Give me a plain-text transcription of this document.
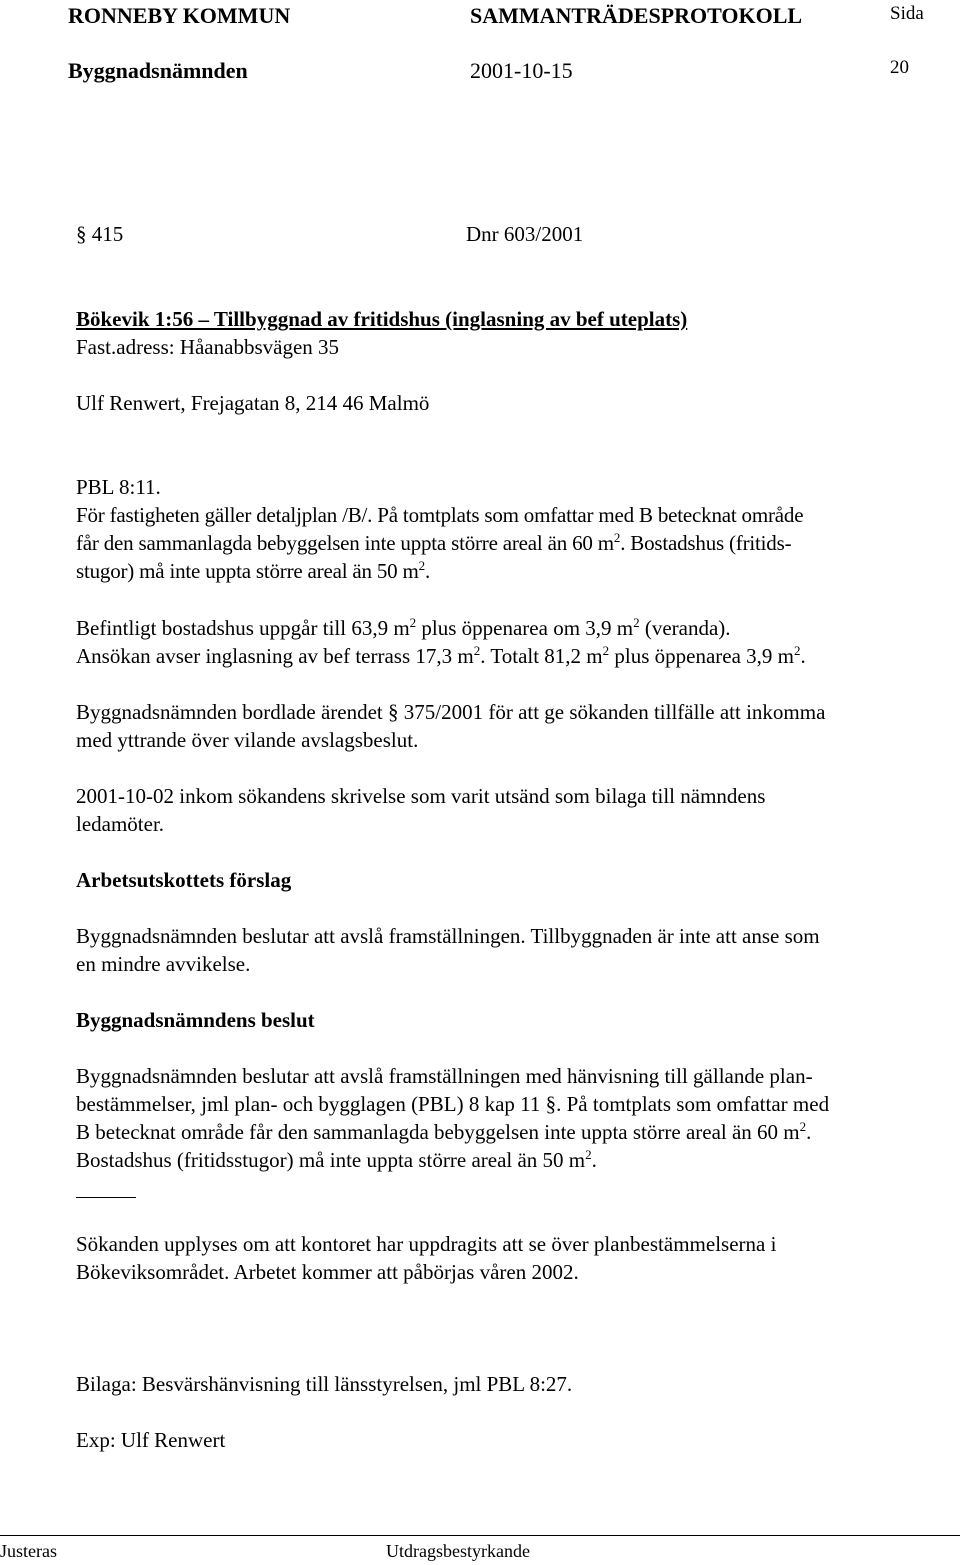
RONNEBY KOMMUN	SAMMANTRÄDESPROTOKOLL	Sida
Byggnadsnämnden	2001-10-15	20
§ 415	Dnr 603/2001
Bökevik 1:56 – Tillbyggnad av fritidshus (inglasning av bef uteplats)
Fast.adress: Håanabbsvägen 35
Ulf Renwert, Frejagatan 8, 214 46 Malmö
PBL 8:11.
För fastigheten gäller detaljplan /B/. På tomtplats som omfattar med B betecknat område
får den sammanlagda bebyggelsen inte uppta större areal än 60 $m^2$. Bostadshus (fritids-
stugor) må inte uppta större areal än 50 $m^2$.
Befintligt bostadshus uppgår till 63,9 $m^2$ plus öppenarea om 3,9 $m^2$ (veranda).
Ansökan avser inglasning av bef terrass 17,3 $m^2$. Totalt 81,2 $m^2$ plus öppenarea 3,9 $m^2$.
Byggnadsnämnden bordlade ärendet § 375/2001 för att ge sökanden tillfälle att inkomma
med yttrande över vilande avslagsbeslut.
2001-10-02 inkom sökandens skrivelse som varit utsänd som bilaga till nämndens
ledamöter.
Arbetsutskottets förslag
Byggnadsnämnden beslutar att avslå framställningen. Tillbyggnaden är inte att anse som
en mindre avvikelse.
Byggnadsnämndens beslut
Byggnadsnämnden beslutar att avslå framställningen med hänvisning till gällande plan-
bestämmelser, jml plan- och bygglagen (PBL) 8 kap 11 §. På tomtplats som omfattar med
B betecknat område får den sammanlagda bebyggelsen inte uppta större areal än 60 $m^2$.
Bostadshus (fritidsstugor) må inte uppta större areal än 50 $m^2$.
Sökanden upplyses om att kontoret har uppdragits att se över planbestämmelserna i
Bökeviksområdet. Arbetet kommer att påbörjas våren 2002.
Bilaga: Besvärshänvisning till länsstyrelsen, jml PBL 8:27.
Exp: Ulf Renwert
Justeras	Utdragsbestyrkande
